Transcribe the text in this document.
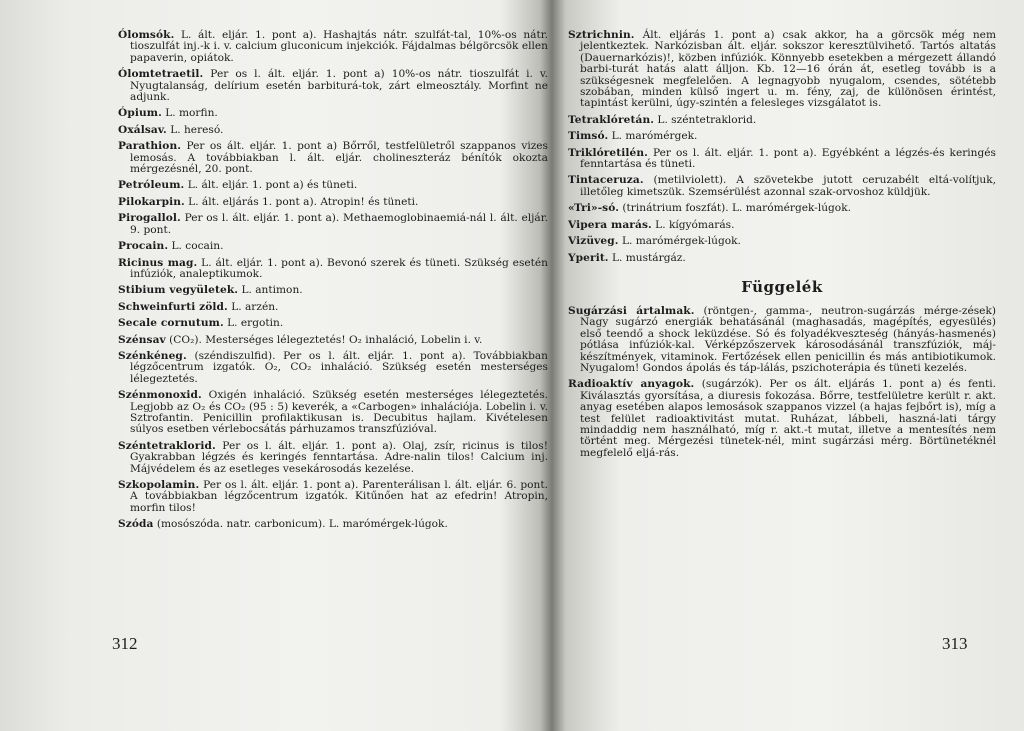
Ólomsók. L. ált. eljár. 1. pont a). Hashajtás nátr. szulfát-tal, 10%-os nátr. tioszulfát inj.-k i. v. calcium gluconicum injekciók. Fájdalmas bélgörcsök ellen papaverin, opiátok.

Ólomtetraetil. Per os l. ált. eljár. 1. pont a) 10%-os nátr. tioszulfát i. v. Nyugtalanság, delírium esetén barbiturá-tok, zárt elmeosztály. Morfint ne adjunk.

Ópium. L. morfin.

Oxálsav. L. heresó.

Parathion. Per os ált. eljár. 1. pont a) Bőrről, testfelületről szappanos vizes lemosás. A továbbiakban l. ált. eljár. cholineszteráz bénítók okozta mérgezésnél, 20. pont.

Petróleum. L. ált. eljár. 1. pont a) és tüneti.

Pilokarpin. L. ált. eljárás 1. pont a). Atropin! és tüneti.

Pirogallol. Per os l. ált. eljár. 1. pont a). Methaemoglobinaemiá-nál l. ált. eljár. 9. pont.

Procain. L. cocain.

Ricinus mag. L. ált. eljár. 1. pont a). Bevonó szerek és tüneti. Szükség esetén infúziók, analeptikumok.

Stibium vegyületek. L. antimon.

Schweinfurti zöld. L. arzén.

Secale cornutum. L. ergotin.

Szénsav (CO₂). Mesterséges lélegeztetés! O₂ inhaláció, Lobelin i. v.

Szénkéneg. (széndiszulfid). Per os l. ált. eljár. 1. pont a). Továbbiakban légzőcentrum izgatók. O₂, CO₂ inhaláció. Szükség esetén mesterséges lélegeztetés.

Szénmonoxid. Oxigén inhaláció. Szükség esetén mesterséges lélegeztetés. Legjobb az O₂ és CO₂ (95 : 5) keverék, a «Carbogen» inhalációja. Lobelin i. v. Sztrofantin. Penicillin profilaktikusan is. Decubitus hajlam. Kivételesen súlyos esetben vérlebocsátás párhuzamos transzfúzióval.

Széntetraklorid. Per os l. ált. eljár. 1. pont a). Olaj, zsír, ricinus is tilos! Gyakrabban légzés és keringés fenntartása. Adre-nalin tilos! Calcium inj. Májvédelem és az esetleges vesekárosodás kezelése.

Szkopolamin. Per os l. ált. eljár. 1. pont a). Parenterálisan l. ált. eljár. 6. pont. A továbbiakban légzőcentrum izgatók. Kitűnően hat az efedrin! Atropin, morfin tilos!

Szóda (mosószóda. natr. carbonicum). L. marómérgek-lúgok.

312

Sztrichnin. Ált. eljárás 1. pont a) csak akkor, ha a görcsök még nem jelentkeztek. Narkózisban ált. eljár. sokszor keresztülvihető. Tartós altatás (Dauernarkózis)!, közben infúziók. Könnyebb esetekben a mérgezett állandó barbi-turát hatás alatt álljon. Kb. 12—16 órán át, esetleg tovább is a szükségesnek megfelelően. A legnagyobb nyugalom, csendes, sötétebb szobában, minden külső ingert u. m. fény, zaj, de különösen érintést, tapintást kerülni, úgy-szintén a felesleges vizsgálatot is.

Tetraklóretán. L. széntetraklorid.

Timsó. L. marómérgek.

Triklóretilén. Per os l. ált. eljár. 1. pont a). Egyébként a légzés-és keringés fenntartása és tüneti.

Tintaceruza. (metilviolett). A szövetekbe jutott ceruzabélt eltá-volítjuk, illetőleg kimetszük. Szemsérülést azonnal szak-orvoshoz küldjük.

«Tri»-só. (trinátrium foszfát). L. marómérgek-lúgok.

Vipera marás. L. kígyómarás.

Vizüveg. L. marómérgek-lúgok.

Yperit. L. mustárgáz.

Függelék

Sugárzási ártalmak. (röntgen-, gamma-, neutron-sugárzás mérge-zések) Nagy sugárzó energiák behatásánál (maghasadás, magépítés, egyesülés) első teendő a shock leküzdése. Só és folyadékveszteség (hányás-hasmenés) pótlása infúziók-kal. Vérképzőszervek károsodásánál transzfúziók, máj-készítmények, vitaminok. Fertőzések ellen penicillin és más antibiotikumok. Nyugalom! Gondos ápolás és táp-lálás, pszichoterápia és tüneti kezelés.

Radioaktív anyagok. (sugárzók). Per os ált. eljárás 1. pont a) és fenti. Kiválasztás gyorsítása, a diuresis fokozása. Bőrre, testfelületre került r. akt. anyag esetében alapos lemosások szappanos vizzel (a hajas fejbőrt is), míg a test felület radioaktivitást mutat. Ruházat, lábbeli, haszná-lati tárgy mindaddig nem használható, míg r. akt.-t mutat, illetve a mentesítés nem történt meg. Mérgezési tünetek-nél, mint sugárzási mérg. Börtünetéknél megfelelő eljá-rás.

313
